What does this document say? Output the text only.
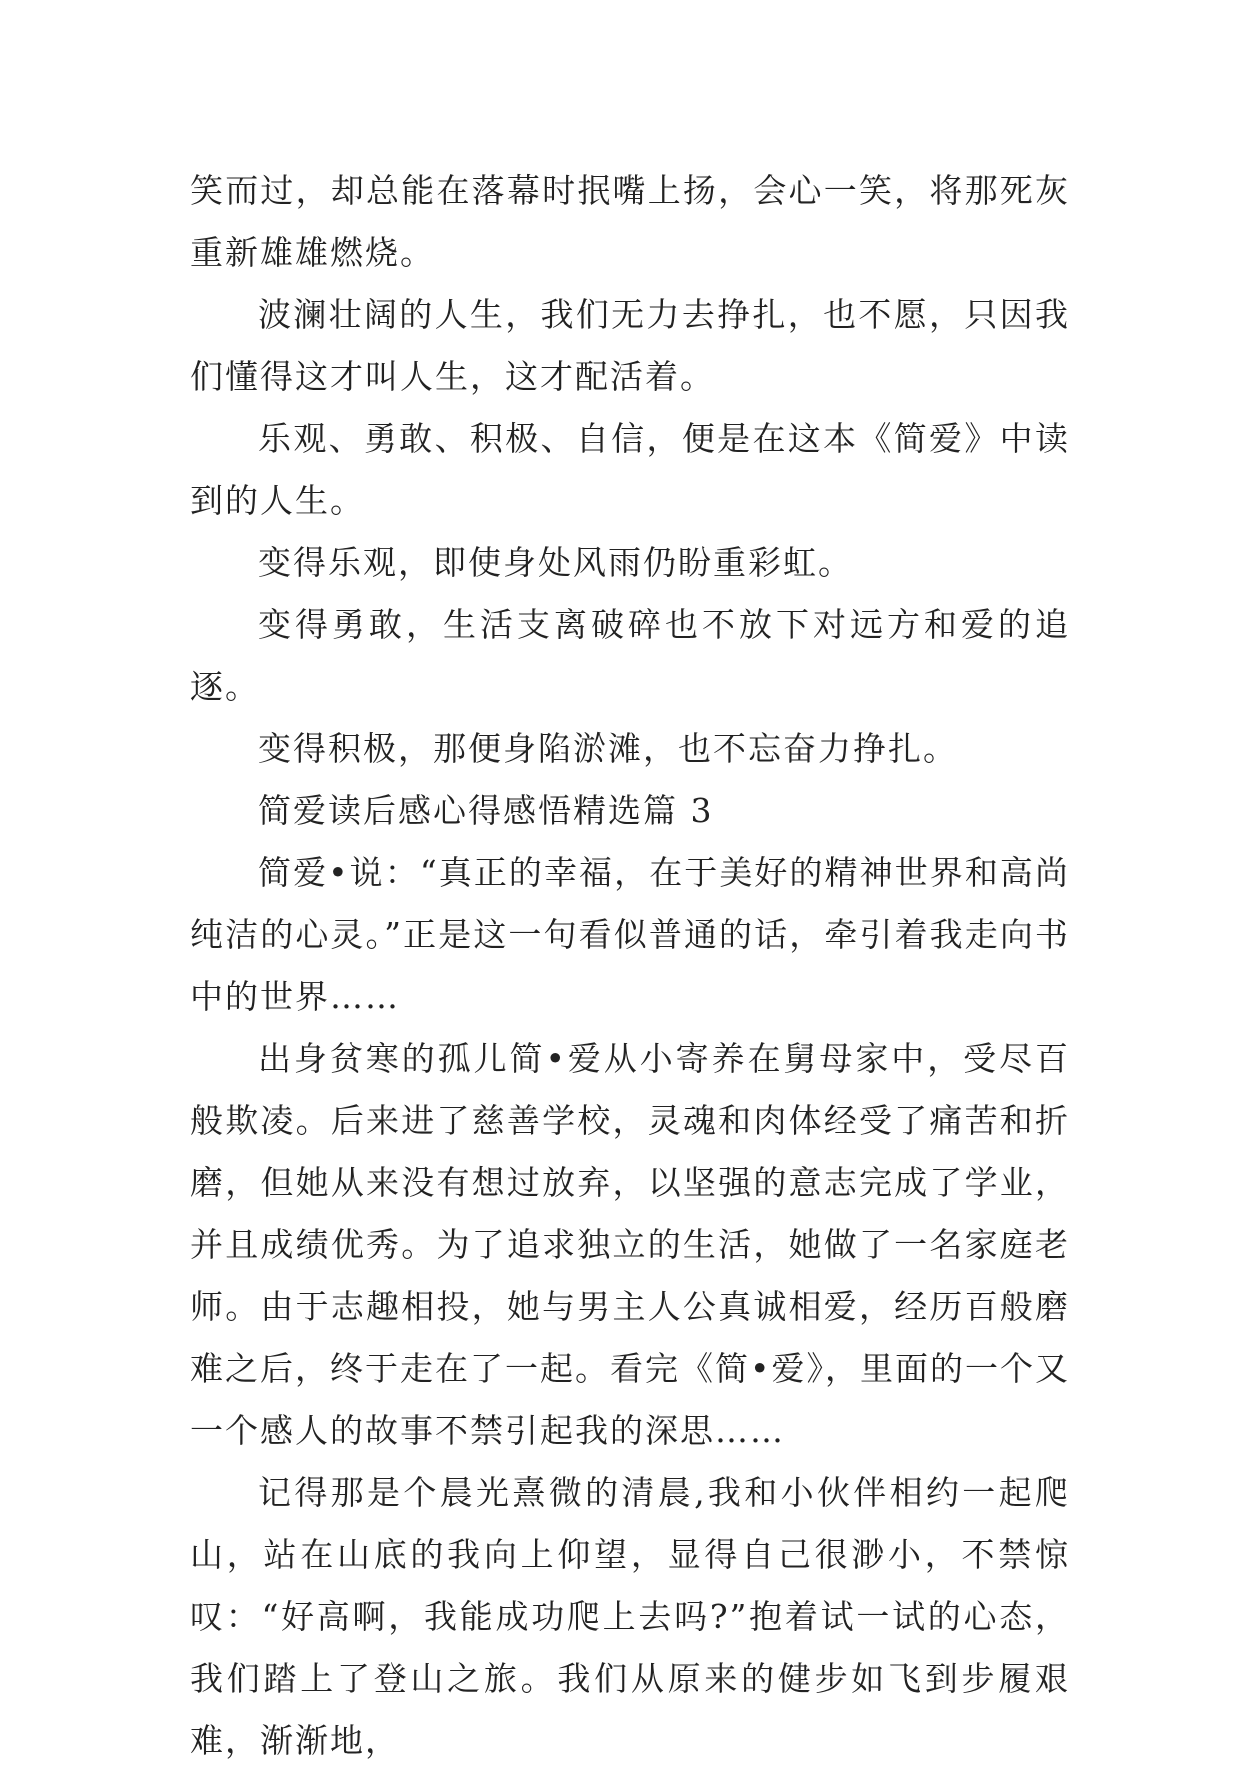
笑而过，却总能在落幕时抿嘴上扬，会心一笑，将那死灰重新雄雄燃烧。

波澜壮阔的人生，我们无力去挣扎，也不愿，只因我们懂得这才叫人生，这才配活着。

乐观、勇敢、积极、自信，便是在这本《简爱》中读到的人生。

变得乐观，即使身处风雨仍盼重彩虹。

变得勇敢，生活支离破碎也不放下对远方和爱的追逐。

变得积极，那便身陷淤滩，也不忘奋力挣扎。

简爱读后感心得感悟精选篇 3

简爱•说：“真正的幸福，在于美好的精神世界和高尚纯洁的心灵。”正是这一句看似普通的话，牵引着我走向书中的世界……

出身贫寒的孤儿简•爱从小寄养在舅母家中，受尽百般欺凌。后来进了慈善学校，灵魂和肉体经受了痛苦和折磨，但她从来没有想过放弃，以坚强的意志完成了学业，并且成绩优秀。为了追求独立的生活，她做了一名家庭老师。由于志趣相投，她与男主人公真诚相爱，经历百般磨难之后，终于走在了一起。看完《简•爱》，里面的一个又一个感人的故事不禁引起我的深思……

记得那是个晨光熹微的清晨,我和小伙伴相约一起爬山，站在山底的我向上仰望，显得自己很渺小，不禁惊叹：“好高啊，我能成功爬上去吗?”抱着试一试的心态，我们踏上了登山之旅。我们从原来的健步如飞到步履艰难，渐渐地，
